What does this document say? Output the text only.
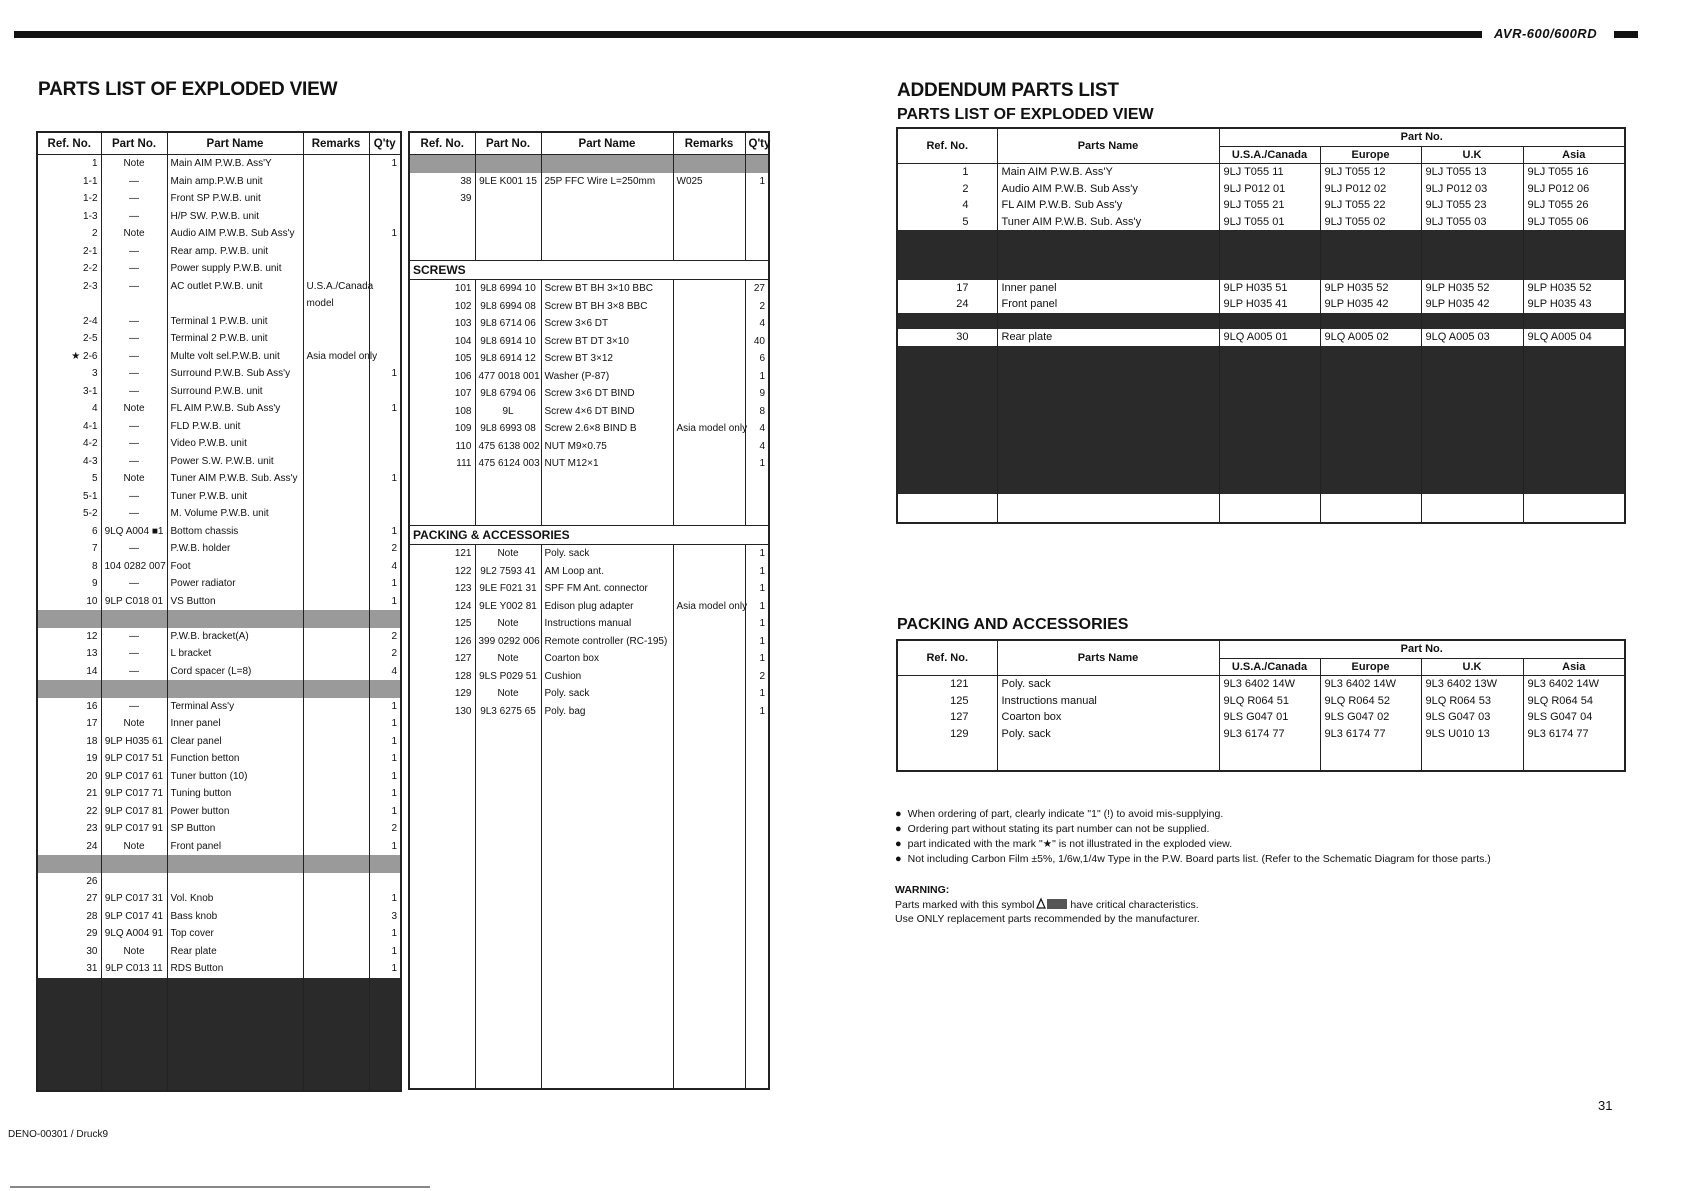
AVR-600/600RD
PARTS LIST OF EXPLODED VIEW
Ref. No.	Part No.	Part Name	Remarks	Q'ty
1	Note	Main AIM P.W.B. Ass'Y		1
1-1	—	Main amp.P.W.B unit		
1-2	—	Front SP P.W.B. unit		
1-3	—	H/P SW. P.W.B. unit		
2	Note	Audio AIM P.W.B. Sub Ass'y		1
2-1	—	Rear amp. P.W.B. unit		
2-2	—	Power supply P.W.B. unit		
2-3	—	AC outlet P.W.B. unit	U.S.A./Canada	
			model	
2-4	—	Terminal 1 P.W.B. unit		
2-5	—	Terminal 2 P.W.B. unit		
★ 2-6	—	Multe volt sel.P.W.B. unit	Asia model only	
3	—	Surround P.W.B. Sub Ass'y		1
3-1	—	Surround P.W.B. unit		
4	Note	FL AIM P.W.B. Sub Ass'y		1
4-1	—	FLD P.W.B. unit		
4-2	—	Video P.W.B. unit		
4-3	—	Power S.W. P.W.B. unit		
5	Note	Tuner AIM P.W.B. Sub. Ass'y		1
5-1	—	Tuner P.W.B. unit		
5-2	—	M. Volume P.W.B. unit		
6	9LQ A004 ■1	Bottom chassis		1
7	—	P.W.B. holder		2
8	104 0282 007	Foot		4
9	—	Power radiator		1
10	9LP C018 01	VS Button		1

12	—	P.W.B. bracket(A)		2
13	—	L bracket		2
14	—	Cord spacer (L=8)		4

16	—	Terminal Ass'y		1
17	Note	Inner panel		1
18	9LP H035 61	Clear panel		1
19	9LP C017 51	Function betton		1
20	9LP C017 61	Tuner button (10)		1
21	9LP C017 71	Tuning button		1
22	9LP C017 81	Power button		1
23	9LP C017 91	SP Button		2
24	Note	Front panel		1

26				
27	9LP C017 31	Vol. Knob		1
28	9LP C017 41	Bass knob		3
29	9LQ A004 91	Top cover		1
30	Note	Rear plate		1
31	9LP C013 11	RDS Button		1

Ref. No.	Part No.	Part Name	Remarks	Q'ty

38	9LE K001 15	25P FFC Wire L=250mm	W025	1
39				

SCREWS				
101	9L8 6994 10	Screw BT BH 3×10 BBC		27
102	9L8 6994 08	Screw BT BH 3×8 BBC		2
103	9L8 6714 06	Screw 3×6 DT		4
104	9L8 6914 10	Screw BT DT 3×10		40
105	9L8 6914 12	Screw BT 3×12		6
106	477 0018 001	Washer (P-87)		1
107	9L8 6794 06	Screw 3×6 DT BIND		9
108	9L	Screw 4×6 DT BIND		8
109	9L8 6993 08	Screw 2.6×8 BIND B	Asia model only	4
110	475 6138 002	NUT M9×0.75		4
111	475 6124 003	NUT M12×1		1

PACKING & ACCESSORIES				
121	Note	Poly. sack		1
122	9L2 7593 41	AM Loop ant.		1
123	9LE F021 31	SPF FM Ant. connector		1
124	9LE Y002 81	Edison plug adapter	Asia model only	1
125	Note	Instructions manual		1
126	399 0292 006	Remote controller (RC-195)		1
127	Note	Coarton box		1
128	9LS P029 51	Cushion		2
129	Note	Poly. sack		1
130	9L3 6275 65	Poly. bag		1

ADDENDUM PARTS LIST
PARTS LIST OF EXPLODED VIEW
Ref. No.	Parts Name	Part No.			
		U.S.A./Canada	Europe	U.K	Asia
1	Main AIM P.W.B. Ass'Y	9LJ T055 11	9LJ T055 12	9LJ T055 13	9LJ T055 16
2	Audio AIM P.W.B. Sub Ass'y	9LJ P012 01	9LJ P012 02	9LJ P012 03	9LJ P012 06
4	FL AIM P.W.B. Sub Ass'y	9LJ T055 21	9LJ T055 22	9LJ T055 23	9LJ T055 26
5	Tuner AIM P.W.B. Sub. Ass'y	9LJ T055 01	9LJ T055 02	9LJ T055 03	9LJ T055 06

17	Inner panel	9LP H035 51	9LP H035 52	9LP H035 52	9LP H035 52
24	Front panel	9LP H035 41	9LP H035 42	9LP H035 42	9LP H035 43

30	Rear plate	9LQ A005 01	9LQ A005 02	9LQ A005 03	9LQ A005 04

PACKING AND ACCESSORIES
Ref. No.	Parts Name	Part No.			
		U.S.A./Canada	Europe	U.K	Asia
121	Poly. sack	9L3 6402 14W	9L3 6402 14W	9L3 6402 13W	9L3 6402 14W
125	Instructions manual	9LQ R064 51	9LQ R064 52	9LQ R064 53	9LQ R064 54
127	Coarton box	9LS G047 01	9LS G047 02	9LS G047 03	9LS G047 04
129	Poly. sack	9L3 6174 77	9L3 6174 77	9LS U010 13	9L3 6174 77

● When ordering of part, clearly indicate "1" (!) to avoid mis-supplying.
● Ordering part without stating its part number can not be supplied.
● part indicated with the mark "★" is not illustrated in the exploded view.
● Not including Carbon Film ±5%, 1/6w,1/4w Type in the P.W. Board parts list. (Refer to the Schematic Diagram for those parts.)
WARNING:
Parts marked with this symbol	have critical characteristics.
Use ONLY replacement parts recommended by the manufacturer.
31
DENO-00301 / Druck9
